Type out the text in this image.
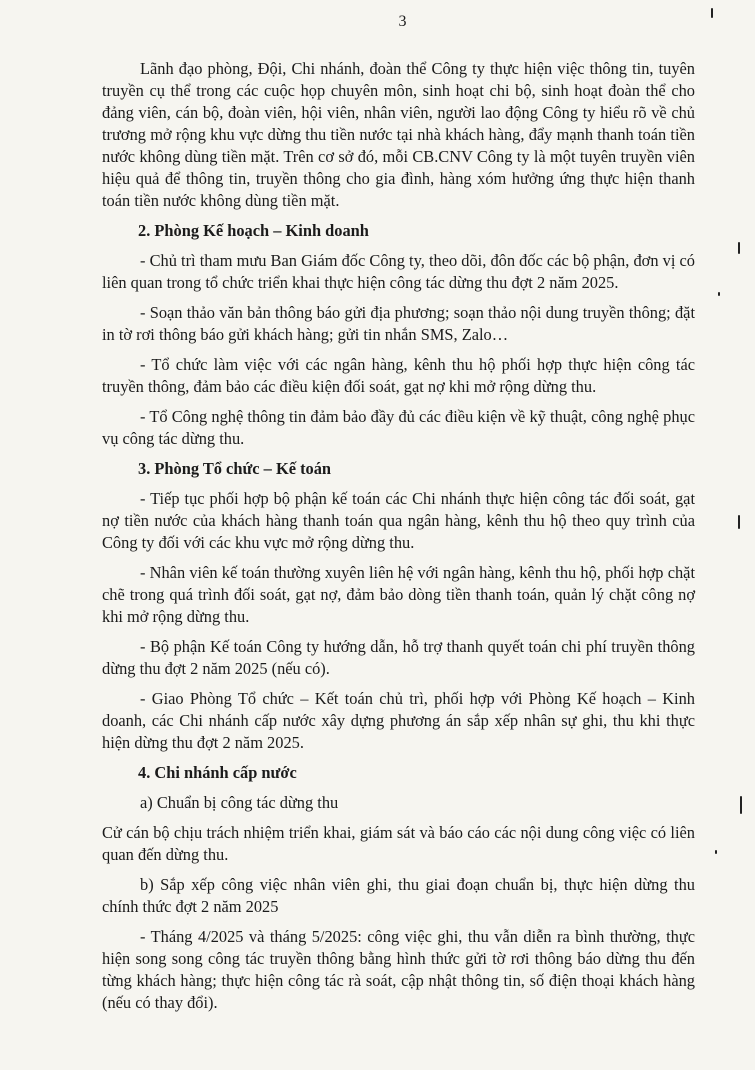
3

Lãnh đạo phòng, Đội, Chi nhánh, đoàn thể Công ty thực hiện việc thông tin, tuyên truyền cụ thể trong các cuộc họp chuyên môn, sinh hoạt chi bộ, sinh hoạt đoàn thể cho đảng viên, cán bộ, đoàn viên, hội viên, nhân viên, người lao động Công ty hiểu rõ về chủ trương mở rộng khu vực dừng thu tiền nước tại nhà khách hàng, đẩy mạnh thanh toán tiền nước không dùng tiền mặt. Trên cơ sở đó, mỗi CB.CNV Công ty là một tuyên truyền viên hiệu quả để thông tin, truyền thông cho gia đình, hàng xóm hưởng ứng thực hiện thanh toán tiền nước không dùng tiền mặt.

2. Phòng Kế hoạch – Kinh doanh

- Chủ trì tham mưu Ban Giám đốc Công ty, theo dõi, đôn đốc các bộ phận, đơn vị có liên quan trong tổ chức triển khai thực hiện công tác dừng thu đợt 2 năm 2025.

- Soạn thảo văn bản thông báo gửi địa phương; soạn thảo nội dung truyền thông; đặt in tờ rơi thông báo gửi khách hàng; gửi tin nhắn SMS, Zalo…

- Tổ chức làm việc với các ngân hàng, kênh thu hộ phối hợp thực hiện công tác truyền thông, đảm bảo các điều kiện đối soát, gạt nợ khi mở rộng dừng thu.

- Tổ Công nghệ thông tin đảm bảo đầy đủ các điều kiện về kỹ thuật, công nghệ phục vụ công tác dừng thu.

3. Phòng Tổ chức – Kế toán

- Tiếp tục phối hợp bộ phận kế toán các Chi nhánh thực hiện công tác đối soát, gạt nợ tiền nước của khách hàng thanh toán qua ngân hàng, kênh thu hộ theo quy trình của Công ty đối với các khu vực mở rộng dừng thu.

- Nhân viên kế toán thường xuyên liên hệ với ngân hàng, kênh thu hộ, phối hợp chặt chẽ trong quá trình đối soát, gạt nợ, đảm bảo dòng tiền thanh toán, quản lý chặt công nợ khi mở rộng dừng thu.

- Bộ phận Kế toán Công ty hướng dẫn, hỗ trợ thanh quyết toán chi phí truyền thông dừng thu đợt 2 năm 2025 (nếu có).

- Giao Phòng Tổ chức – Kết toán chủ trì, phối hợp với Phòng Kế hoạch – Kinh doanh, các Chi nhánh cấp nước xây dựng phương án sắp xếp nhân sự ghi, thu khi thực hiện dừng thu đợt 2 năm 2025.

4. Chi nhánh cấp nước

a) Chuẩn bị công tác dừng thu

Cử cán bộ chịu trách nhiệm triển khai, giám sát và báo cáo các nội dung công việc có liên quan đến dừng thu.

b) Sắp xếp công việc nhân viên ghi, thu giai đoạn chuẩn bị, thực hiện dừng thu chính thức đợt 2 năm 2025

- Tháng 4/2025 và tháng 5/2025: công việc ghi, thu vẫn diễn ra bình thường, thực hiện song song công tác truyền thông bằng hình thức gửi tờ rơi thông báo dừng thu đến từng khách hàng; thực hiện công tác rà soát, cập nhật thông tin, số điện thoại khách hàng (nếu có thay đổi).
